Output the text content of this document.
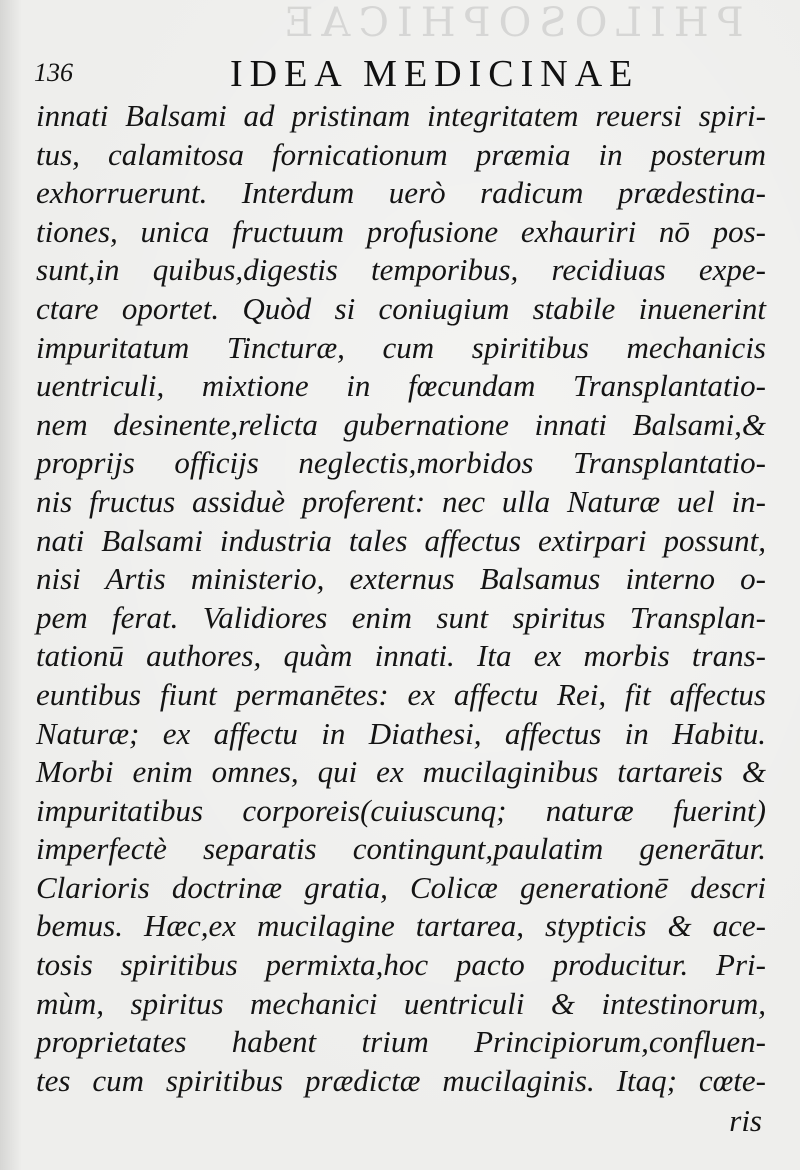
PHILOSOPHICAE
136	IDEA MEDICINAE
innati Balsami ad pristinam integritatem reuersi spiri-
tus, calamitosa fornicationum præmia in posterum
exhorruerunt. Interdum uerò radicum prædestina-
tiones, unica fructuum profusione exhauriri nō pos-
sunt,in quibus,digestis temporibus, recidiuas expe-
ctare oportet. Quòd si coniugium stabile inuenerint
impuritatum Tincturæ, cum spiritibus mechanicis
uentriculi, mixtione in fœcundam Transplantatio-
nem desinente,relicta gubernatione innati Balsami,&
proprijs officijs neglectis,morbidos Transplantatio-
nis fructus assiduè proferent: nec ulla Naturæ uel in-
nati Balsami industria tales affectus extirpari possunt,
nisi Artis ministerio, externus Balsamus interno o-
pem ferat. Validiores enim sunt spiritus Transplan-
tationū authores, quàm innati. Ita ex morbis trans-
euntibus fiunt permanētes: ex affectu Rei, fit affectus
Naturæ; ex affectu in Diathesi, affectus in Habitu.
Morbi enim omnes, qui ex mucilaginibus tartareis &
impuritatibus corporeis(cuiuscunq; naturæ fuerint)
imperfectè separatis contingunt,paulatim generātur.
Clarioris doctrinæ gratia, Colicæ generationē descri
bemus. Hæc,ex mucilagine tartarea, stypticis & ace-
tosis spiritibus permixta,hoc pacto producitur. Pri-
mùm, spiritus mechanici uentriculi & intestinorum,
proprietates habent trium Principiorum,confluen-
tes cum spiritibus prædictæ mucilaginis. Itaq; cœte-
ris
